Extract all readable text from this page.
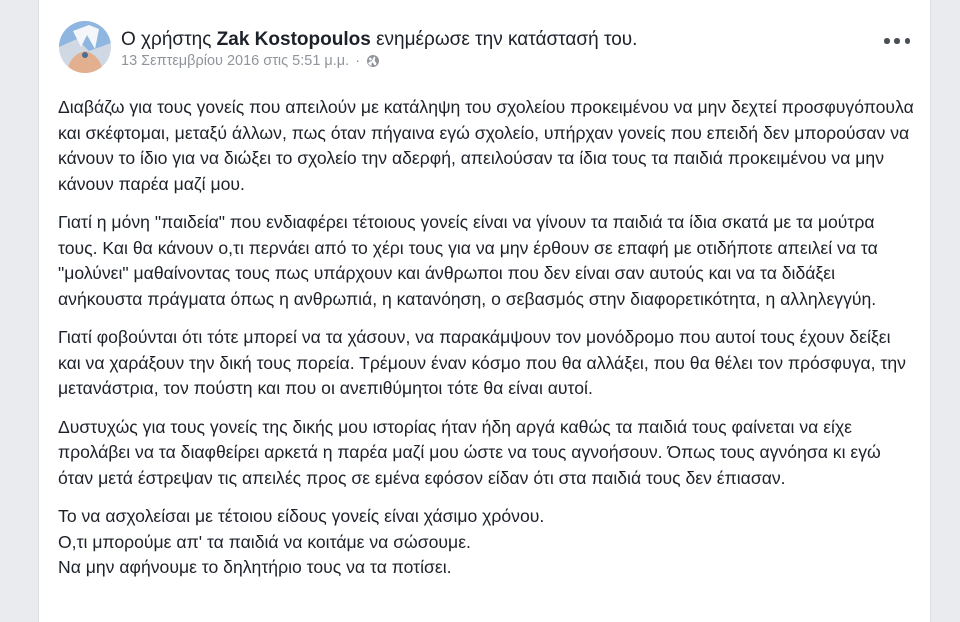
Ο χρήστης Zak Kostopoulos ενημέρωσε την κατάστασή του.
13 Σεπτεμβρίου 2016 στις 5:51 μ.μ. ·

Διαβάζω για τους γονείς που απειλούν με κατάληψη του σχολείου προκειμένου να μην δεχτεί προσφυγόπουλα και σκέφτομαι, μεταξύ άλλων, πως όταν πήγαινα εγώ σχολείο, υπήρχαν γονείς που επειδή δεν μπορούσαν να κάνουν το ίδιο για να διώξει το σχολείο την αδερφή, απειλούσαν τα ίδια τους τα παιδιά προκειμένου να μην κάνουν παρέα μαζί μου.

Γιατί η μόνη "παιδεία" που ενδιαφέρει τέτοιους γονείς είναι να γίνουν τα παιδιά τα ίδια σκατά με τα μούτρα τους. Και θα κάνουν ο,τι περνάει από το χέρι τους για να μην έρθουν σε επαφή με οτιδήποτε απειλεί να τα "μολύνει" μαθαίνοντας τους πως υπάρχουν και άνθρωποι που δεν είναι σαν αυτούς και να τα διδάξει ανήκουστα πράγματα όπως η ανθρωπιά, η κατανόηση, ο σεβασμός στην διαφορετικότητα, η αλληλεγγύη.

Γιατί φοβούνται ότι τότε μπορεί να τα χάσουν, να παρακάμψουν τον μονόδρομο που αυτοί τους έχουν δείξει και να χαράξουν την δική τους πορεία. Τρέμουν έναν κόσμο που θα αλλάξει, που θα θέλει τον πρόσφυγα, την μετανάστρια, τον πούστη και που οι ανεπιθύμητοι τότε θα είναι αυτοί.

Δυστυχώς για τους γονείς της δικής μου ιστορίας ήταν ήδη αργά καθώς τα παιδιά τους φαίνεται να είχε προλάβει να τα διαφθείρει αρκετά η παρέα μαζί μου ώστε να τους αγνοήσουν. Όπως τους αγνόησα κι εγώ όταν μετά έστρεψαν τις απειλές προς σε εμένα εφόσον είδαν ότι στα παιδιά τους δεν έπιασαν.

Το να ασχολείσαι με τέτοιου είδους γονείς είναι χάσιμο χρόνου.

Ο,τι μπορούμε απ' τα παιδιά να κοιτάμε να σώσουμε.

Να μην αφήνουμε το δηλητήριο τους να τα ποτίσει.
